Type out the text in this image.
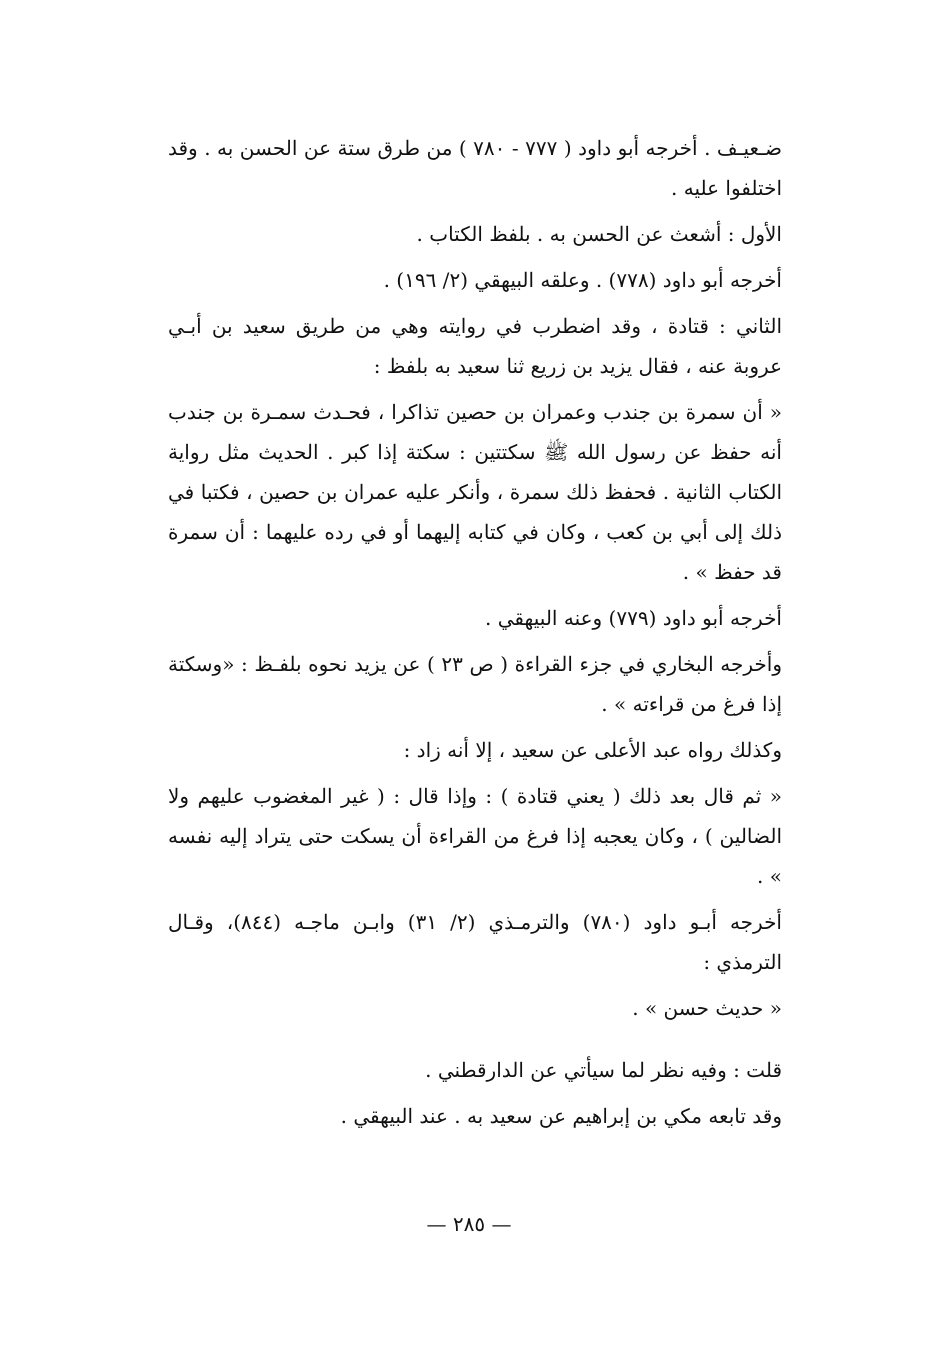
ضـعيـف . أخرجه أبو داود ( ٧٧٧ - ٧٨٠ ) من طرق ستة عن الحسن به . وقد اختلفوا عليه .

الأول : أشعث عن الحسن به . بلفظ الكتاب .

أخرجه أبو داود (٧٧٨) . وعلقه البيهقي (٢/ ١٩٦) .

الثاني : قتادة ، وقد اضطرب في روايته وهي من طريق سعيد بن أبـي عروبة عنه ، فقال يزيد بن زريع ثنا سعيد به بلفظ :

« أن سمرة بن جندب وعمران بن حصين تذاكرا ، فحـدث سمـرة بن جندب أنه حفظ عن رسول الله ﷺ سكتتين : سكتة إذا كبر . الحديث مثل رواية الكتاب الثانية . فحفظ ذلك سمرة ، وأنكر عليه عمران بن حصين ، فكتبا في ذلك إلى أبي بن كعب ، وكان في كتابه إليهما أو في رده عليهما : أن سمرة قد حفظ » .

أخرجه أبو داود (٧٧٩) وعنه البيهقي .

وأخرجه البخاري في جزء القراءة ( ص ٢٣ ) عن يزيد نحوه بلفـظ : «وسكتة إذا فرغ من قراءته » .

وكذلك رواه عبد الأعلى عن سعيد ، إلا أنه زاد :

« ثم قال بعد ذلك ( يعني قتادة ) : وإذا قال : ( غير المغضوب عليهم ولا الضالين ) ، وكان يعجبه إذا فرغ من القراءة أن يسكت حتى يتراد إليه نفسه » .

أخرجه أبـو داود (٧٨٠) والترمـذي (٢/ ٣١) وابـن ماجـه (٨٤٤)، وقـال الترمذي :

« حديث حسن » .

قلت : وفيه نظر لما سيأتي عن الدارقطني .

وقد تابعه مكي بن إبراهيم عن سعيد به . عند البيهقي .

— ٢٨٥ —
